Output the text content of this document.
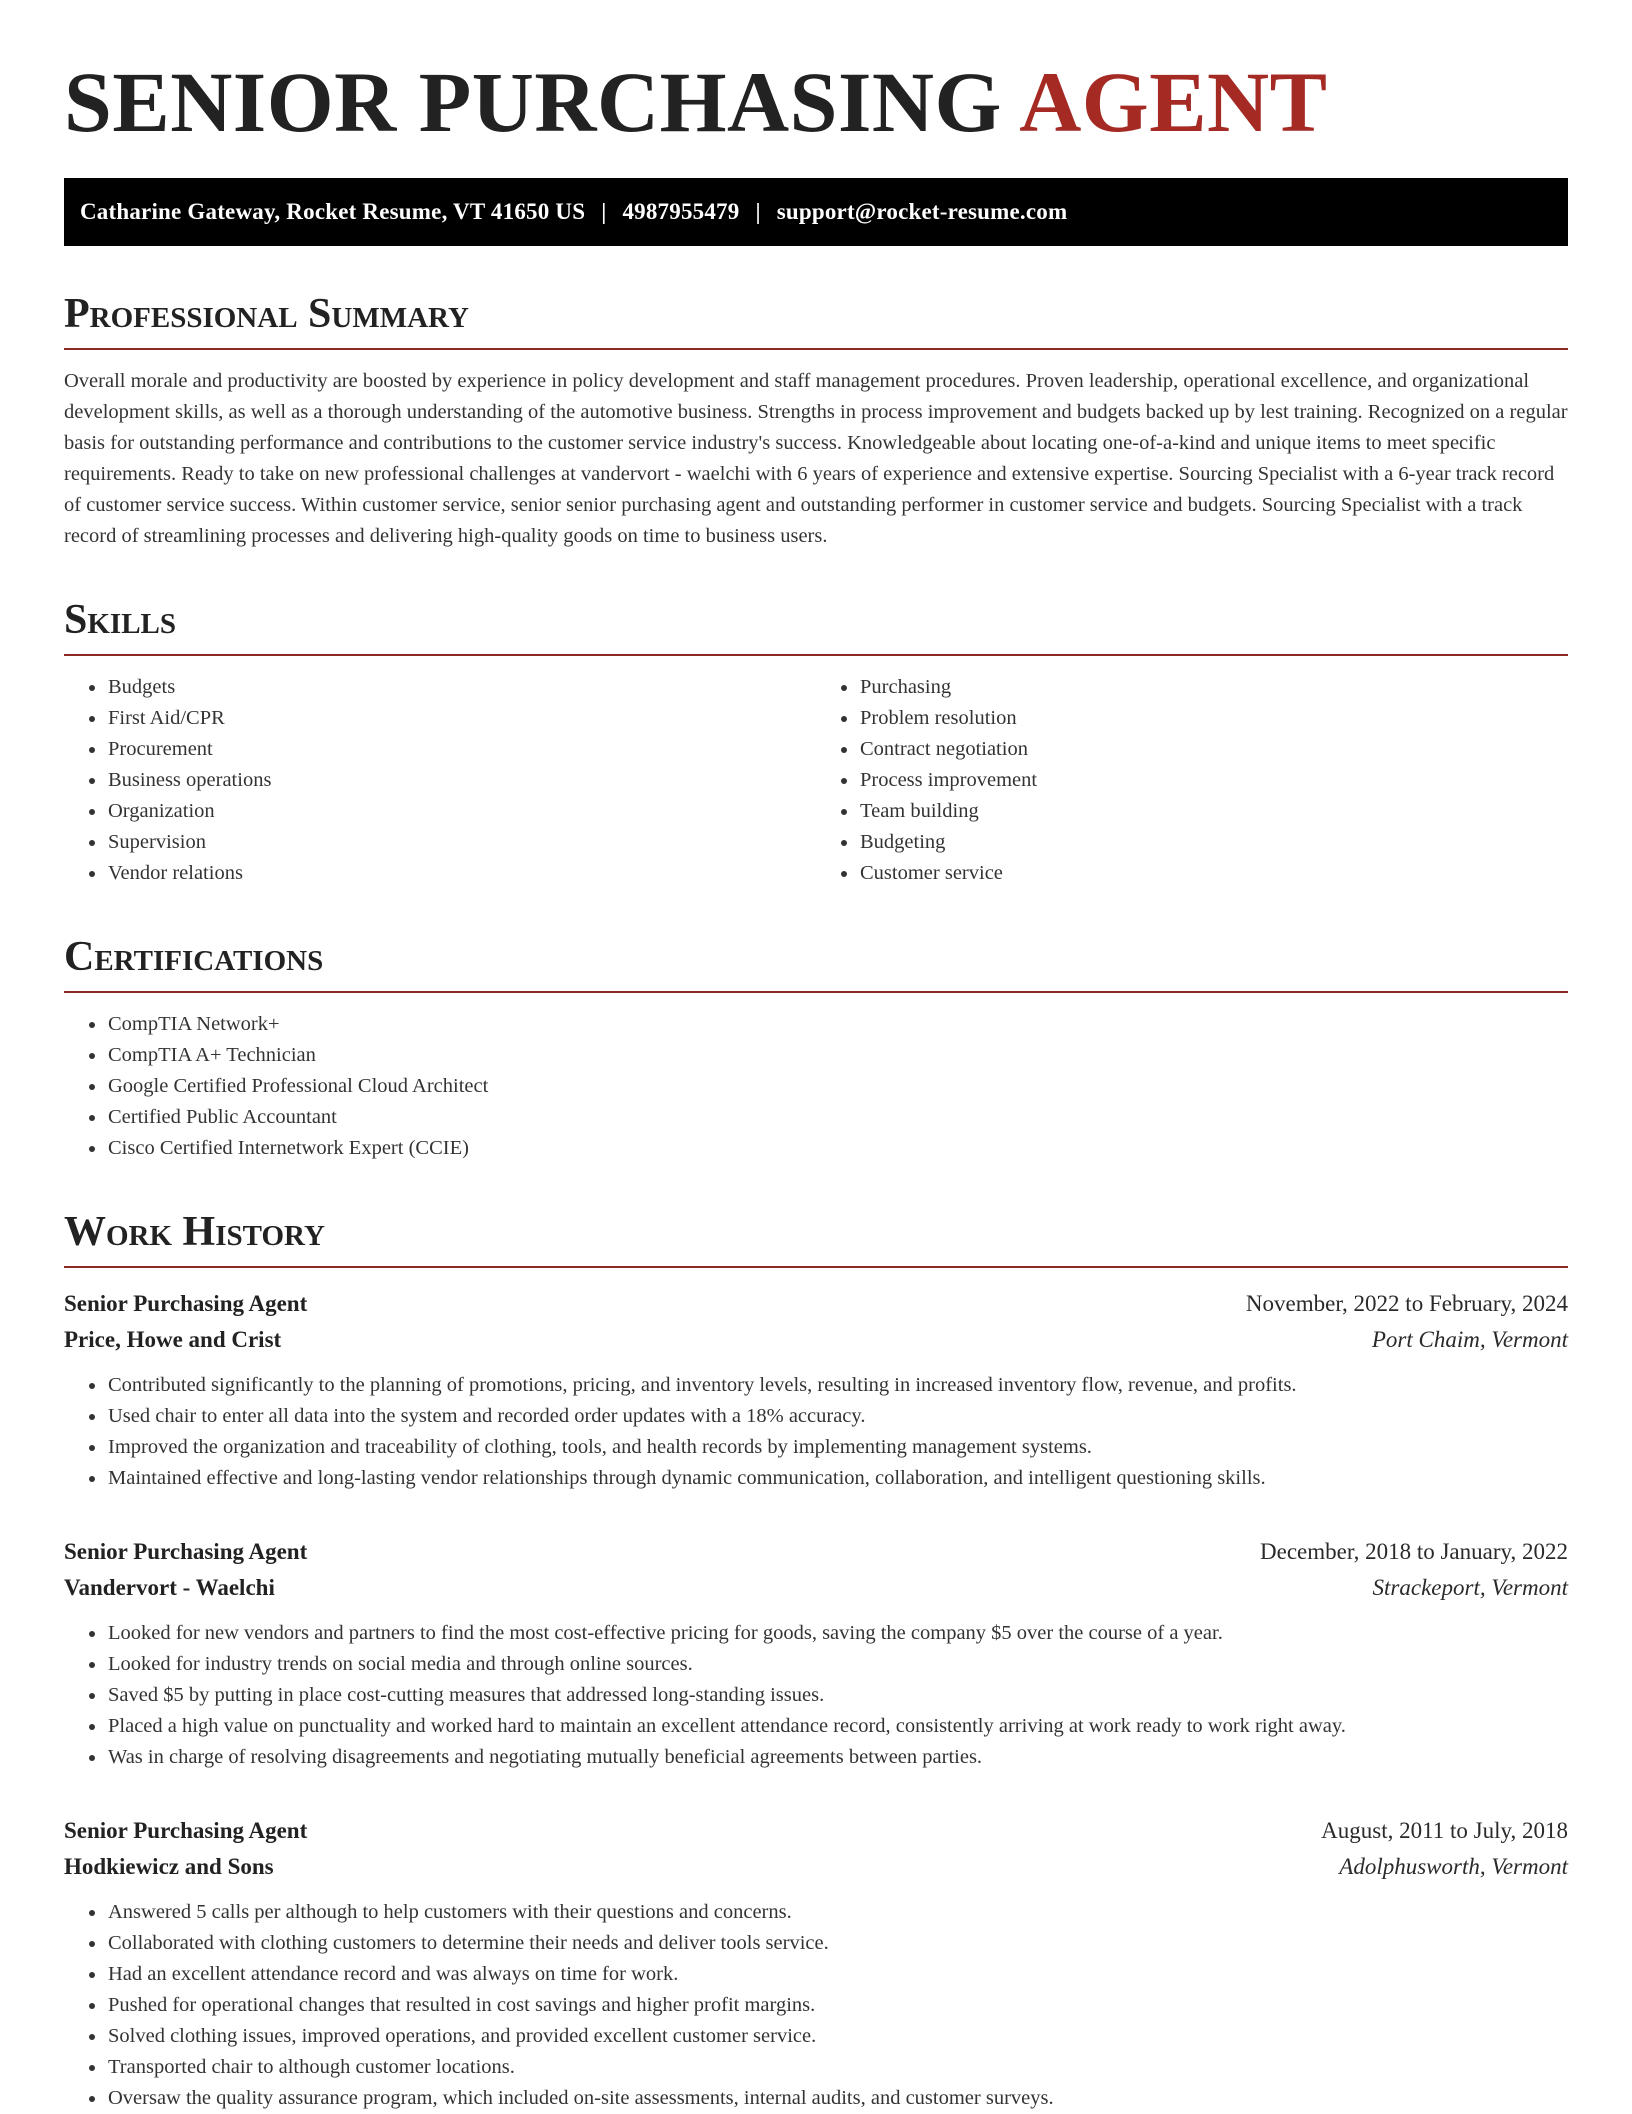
SENIOR PURCHASING AGENT
Catharine Gateway, Rocket Resume, VT 41650 US | 4987955479 | support@rocket-resume.com
Professional Summary

Overall morale and productivity are boosted by experience in policy development and staff management procedures. Proven leadership, operational excellence, and organizational development skills, as well as a thorough understanding of the automotive business. Strengths in process improvement and budgets backed up by lest training. Recognized on a regular basis for outstanding performance and contributions to the customer service industry's success. Knowledgeable about locating one-of-a-kind and unique items to meet specific requirements. Ready to take on new professional challenges at vandervort - waelchi with 6 years of experience and extensive expertise. Sourcing Specialist with a 6-year track record of customer service success. Within customer service, senior senior purchasing agent and outstanding performer in customer service and budgets. Sourcing Specialist with a track record of streamlining processes and delivering high-quality goods on time to business users.

Skills
• Budgets
• First Aid/CPR
• Procurement
• Business operations
• Organization
• Supervision
• Vendor relations
• Purchasing
• Problem resolution
• Contract negotiation
• Process improvement
• Team building
• Budgeting
• Customer service
Certifications
• CompTIA Network+
• CompTIA A+ Technician
• Google Certified Professional Cloud Architect
• Certified Public Accountant
• Cisco Certified Internetwork Expert (CCIE)
Work History
Senior Purchasing Agent	November, 2022 to February, 2024
Price, Howe and Crist	Port Chaim, Vermont
• Contributed significantly to the planning of promotions, pricing, and inventory levels, resulting in increased inventory flow, revenue, and profits.
• Used chair to enter all data into the system and recorded order updates with a 18% accuracy.
• Improved the organization and traceability of clothing, tools, and health records by implementing management systems.
• Maintained effective and long-lasting vendor relationships through dynamic communication, collaboration, and intelligent questioning skills.
Senior Purchasing Agent	December, 2018 to January, 2022
Vandervort - Waelchi	Strackeport, Vermont
• Looked for new vendors and partners to find the most cost-effective pricing for goods, saving the company $5 over the course of a year.
• Looked for industry trends on social media and through online sources.
• Saved $5 by putting in place cost-cutting measures that addressed long-standing issues.
• Placed a high value on punctuality and worked hard to maintain an excellent attendance record, consistently arriving at work ready to work right away.
• Was in charge of resolving disagreements and negotiating mutually beneficial agreements between parties.
Senior Purchasing Agent	August, 2011 to July, 2018
Hodkiewicz and Sons	Adolphusworth, Vermont
• Answered 5 calls per although to help customers with their questions and concerns.
• Collaborated with clothing customers to determine their needs and deliver tools service.
• Had an excellent attendance record and was always on time for work.
• Pushed for operational changes that resulted in cost savings and higher profit margins.
• Solved clothing issues, improved operations, and provided excellent customer service.
• Transported chair to although customer locations.
• Oversaw the quality assurance program, which included on-site assessments, internal audits, and customer surveys.
